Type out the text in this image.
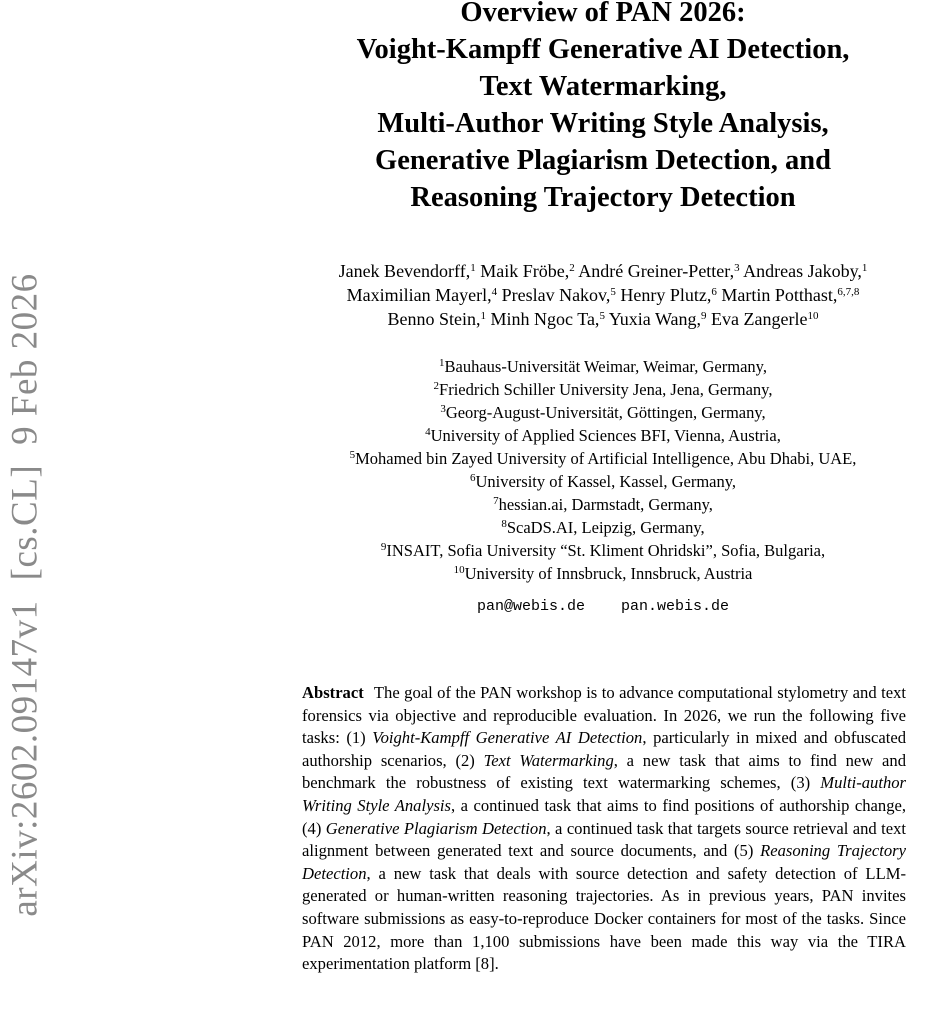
arXiv:2602.09147v1[cs.CL]9 Feb 2026
Overview of PAN 2026:
Voight-Kampff Generative AI Detection,
Text Watermarking,
Multi-Author Writing Style Analysis,
Generative Plagiarism Detection, and
Reasoning Trajectory Detection
Janek Bevendorff,$^1$ Maik Fröbe,$^2$ André Greiner-Petter,$^3$ Andreas Jakoby,$^1$
Maximilian Mayerl,$^4$ Preslav Nakov,$^5$ Henry Plutz,$^6$ Martin Potthast,$^{6,7,8}$
Benno Stein,$^1$ Minh Ngoc Ta,$^5$ Yuxia Wang,$^9$ Eva Zangerle$^{10}$
$^1$Bauhaus-Universität Weimar, Weimar, Germany,
$^2$Friedrich Schiller University Jena, Jena, Germany,
$^3$Georg-August-Universität, Göttingen, Germany,
$^4$University of Applied Sciences BFI, Vienna, Austria,
$^5$Mohamed bin Zayed University of Artificial Intelligence, Abu Dhabi, UAE,
$^6$University of Kassel, Kassel, Germany,
$^7$hessian.ai, Darmstadt, Germany,
$^8$ScaDS.AI, Leipzig, Germany,
$^9$INSAIT, Sofia University “St. Kliment Ohridski”, Sofia, Bulgaria,
$^{10}$University of Innsbruck, Innsbruck, Austria
pan@webis.de pan.webis.de
Abstract The goal of the PAN workshop is to advance computational stylometry and text forensics via objective and reproducible evaluation. In 2026, we run the following five tasks: (1) Voight-Kampff Generative AI Detection, particularly in mixed and obfuscated authorship scenarios, (2) Text Watermarking, a new task that aims to find new and benchmark the robustness of existing text watermarking schemes, (3) Multi-author Writing Style Analysis, a continued task that aims to find positions of authorship change, (4) Generative Plagiarism Detection, a continued task that targets source retrieval and text alignment between generated text and source documents, and (5) Reasoning Trajectory Detection, a new task that deals with source detection and safety detection of LLM-generated or human-written reasoning trajectories. As in previous years, PAN invites software submissions as easy-to-reproduce Docker containers for most of the tasks. Since PAN 2012, more than 1,100 submissions have been made this way via the TIRA experimentation platform [8].
